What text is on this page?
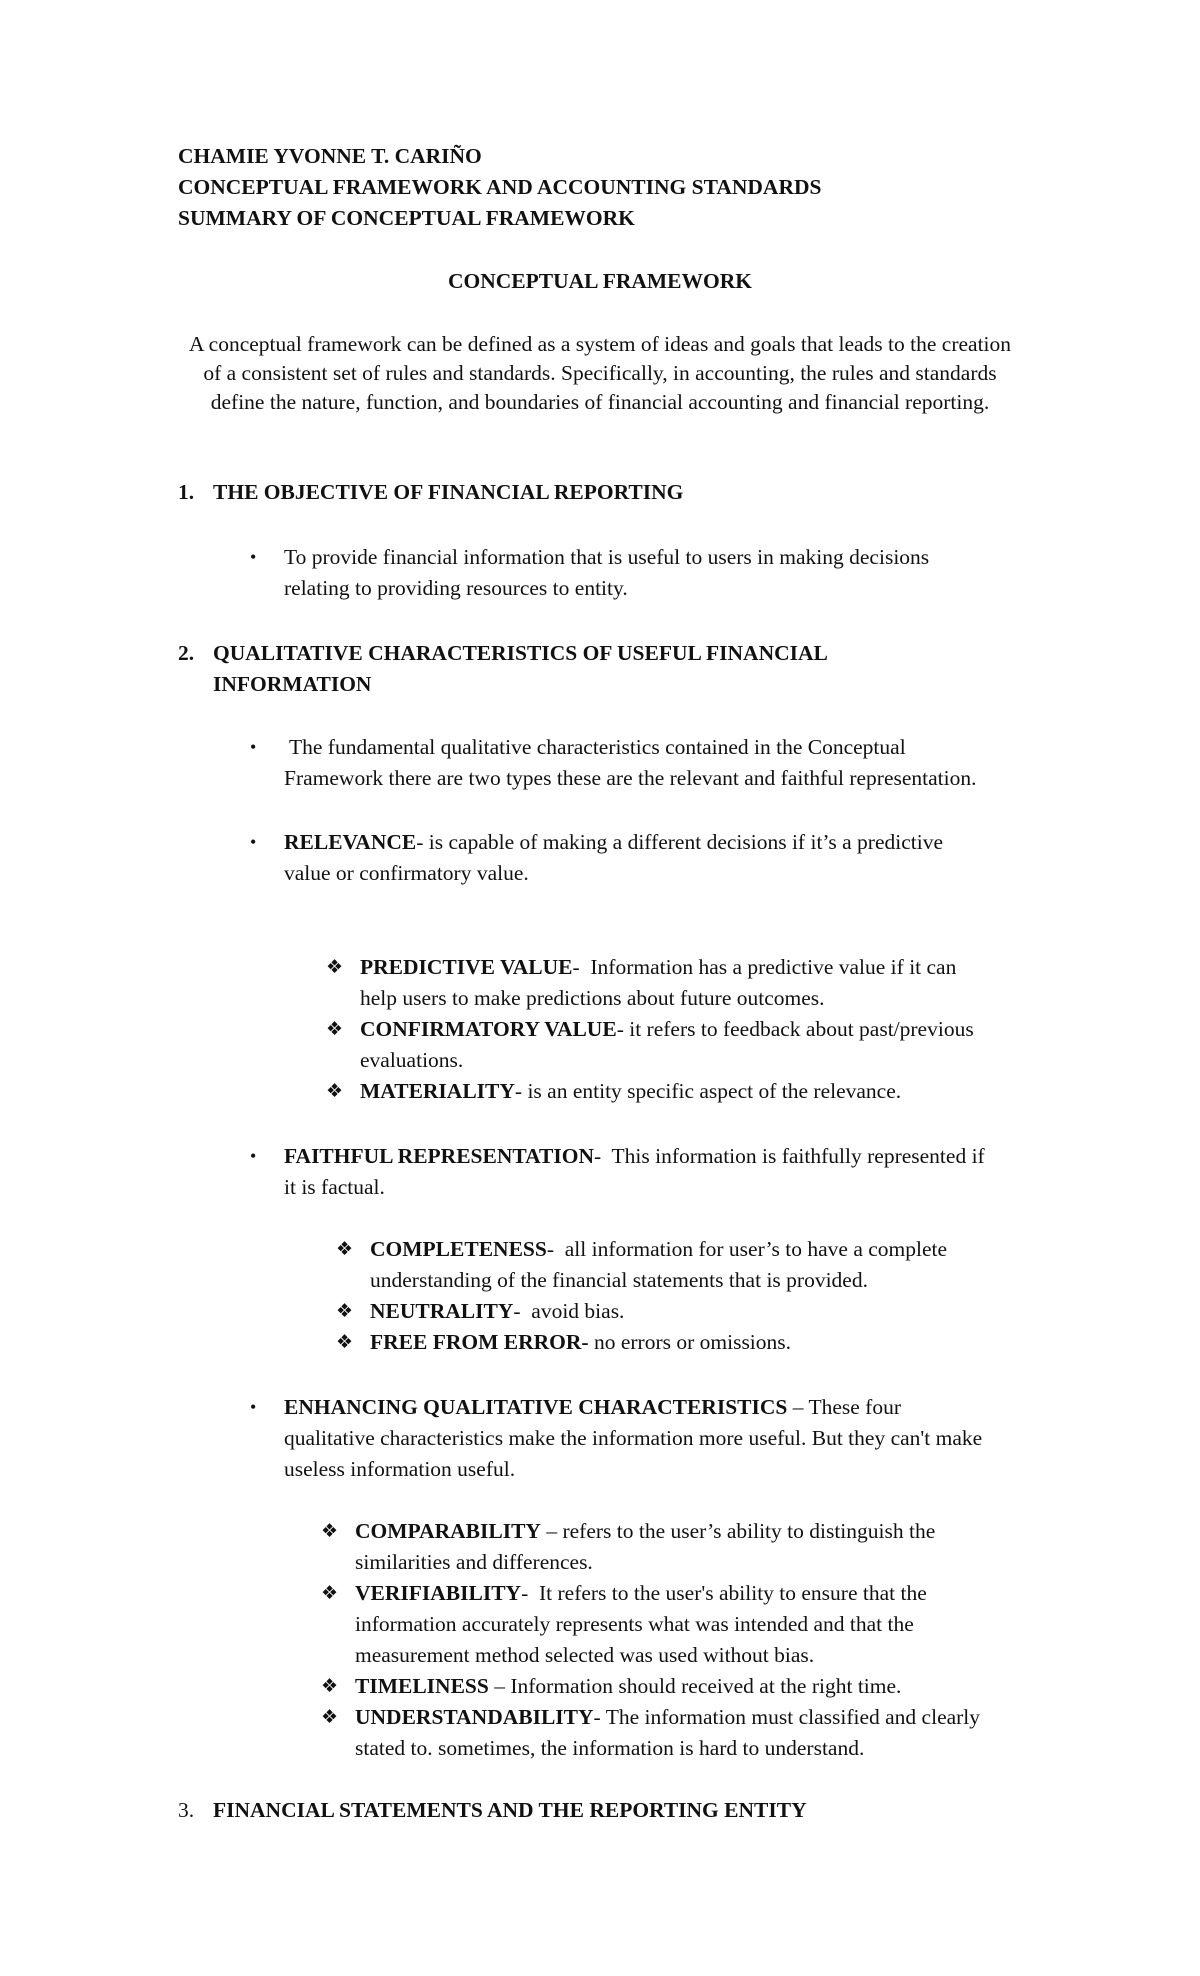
CHAMIE YVONNE T. CARIÑO
CONCEPTUAL FRAMEWORK AND ACCOUNTING STANDARDS
SUMMARY OF CONCEPTUAL FRAMEWORK
CONCEPTUAL FRAMEWORK
A conceptual framework can be defined as a system of ideas and goals that leads to the creation
of a consistent set of rules and standards. Specifically, in accounting, the rules and standards
define the nature, function, and boundaries of financial accounting and financial reporting.
1. THE OBJECTIVE OF FINANCIAL REPORTING
• To provide financial information that is useful to users in making decisions
relating to providing resources to entity.
2. QUALITATIVE CHARACTERISTICS OF USEFUL FINANCIAL
INFORMATION
• The fundamental qualitative characteristics contained in the Conceptual
Framework there are two types these are the relevant and faithful representation.
• RELEVANCE- is capable of making a different decisions if it’s a predictive
value or confirmatory value.
❖ PREDICTIVE VALUE-  Information has a predictive value if it can
help users to make predictions about future outcomes.
❖ CONFIRMATORY VALUE- it refers to feedback about past/previous
evaluations.
❖ MATERIALITY- is an entity specific aspect of the relevance.
• FAITHFUL REPRESENTATION-  This information is faithfully represented if
it is factual.
❖ COMPLETENESS-  all information for user’s to have a complete
understanding of the financial statements that is provided.
❖ NEUTRALITY-  avoid bias.
❖ FREE FROM ERROR- no errors or omissions.
• ENHANCING QUALITATIVE CHARACTERISTICS – These four
qualitative characteristics make the information more useful. But they can't make
useless information useful.
❖ COMPARABILITY – refers to the user’s ability to distinguish the
similarities and differences.
❖ VERIFIABILITY-  It refers to the user's ability to ensure that the
information accurately represents what was intended and that the
measurement method selected was used without bias.
❖ TIMELINESS – Information should received at the right time.
❖ UNDERSTANDABILITY- The information must classified and clearly
stated to. sometimes, the information is hard to understand.
3. FINANCIAL STATEMENTS AND THE REPORTING ENTITY
